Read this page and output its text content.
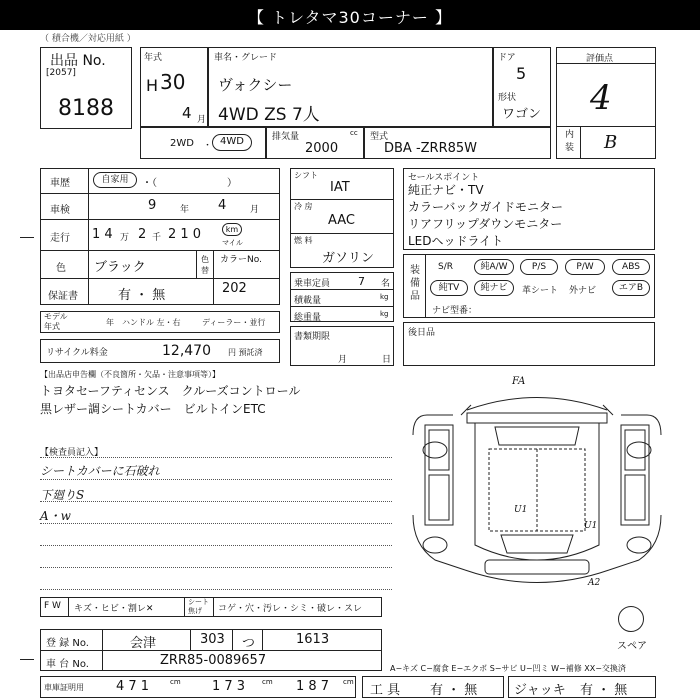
【 トレタマ30コーナー 】
（ 積合機／対応用紙 ）
出品 No.
[2057]
8188
年式
H 30
4 月
車名・グレード
ヴォクシー
4WD ZS 7人
ドア
5
形状
ワゴン
評価点
4
内 装 B
2WD ・ 4WD	排気量	cc
2000
型式
DBA -ZRR85W
車歴	自家用	・（　　　　　　　）
車検	9	年 4	月
走行 1 4 万 2 千 2 1 0	km
マイル
色 ブラック
色替
カラーNo.
202
保証書	有 ・ 無
モデル 年式	年 ハンドル 左・右	ディーラー・並行
リサイクル料金	12,470 円 預託済
シフト
IAT
冷 房
AAC
燃 料
ガソリン
乗車定員	7 名
積載量	kg
総重量	kg
書類期限
月	日
セールスポイント
純正ナビ・TV
カラーバックガイドモニター
リアフリップダウンモニター
LEDヘッドライト
装 備 品
S/R	純A/W	P/S	P/W	ABS
純TV	純ナビ	革シート 外ナビ	エアB
ナビ型番：
後日品
【出品店申告欄（不良箇所・欠品・注意事項等）】
トヨタセーフティセンス　クルーズコントロール
黒レザー調シートカバー　ビルトインETC
【検査員記入】
シートカバーに石破れ
下廻りS
A・w
FA
U1
U1
A2
スペア
F W キズ・ヒビ・割レ✕
シート 焦げ	コゲ・穴・汚レ・シミ・破レ・スレ
登 録 No.	会津	303 つ	1613
車 台 No.	ZRR85-0089657
A−キズ C−腐食 E−エクボ S−サビ U−凹ミ W−補修 XX−交換済
車庫証明用 4 7 1	cm 1 7 3 cm 1 8 7 cm
工 具 有 ・ 無	ジャッキ 有 ・ 無
